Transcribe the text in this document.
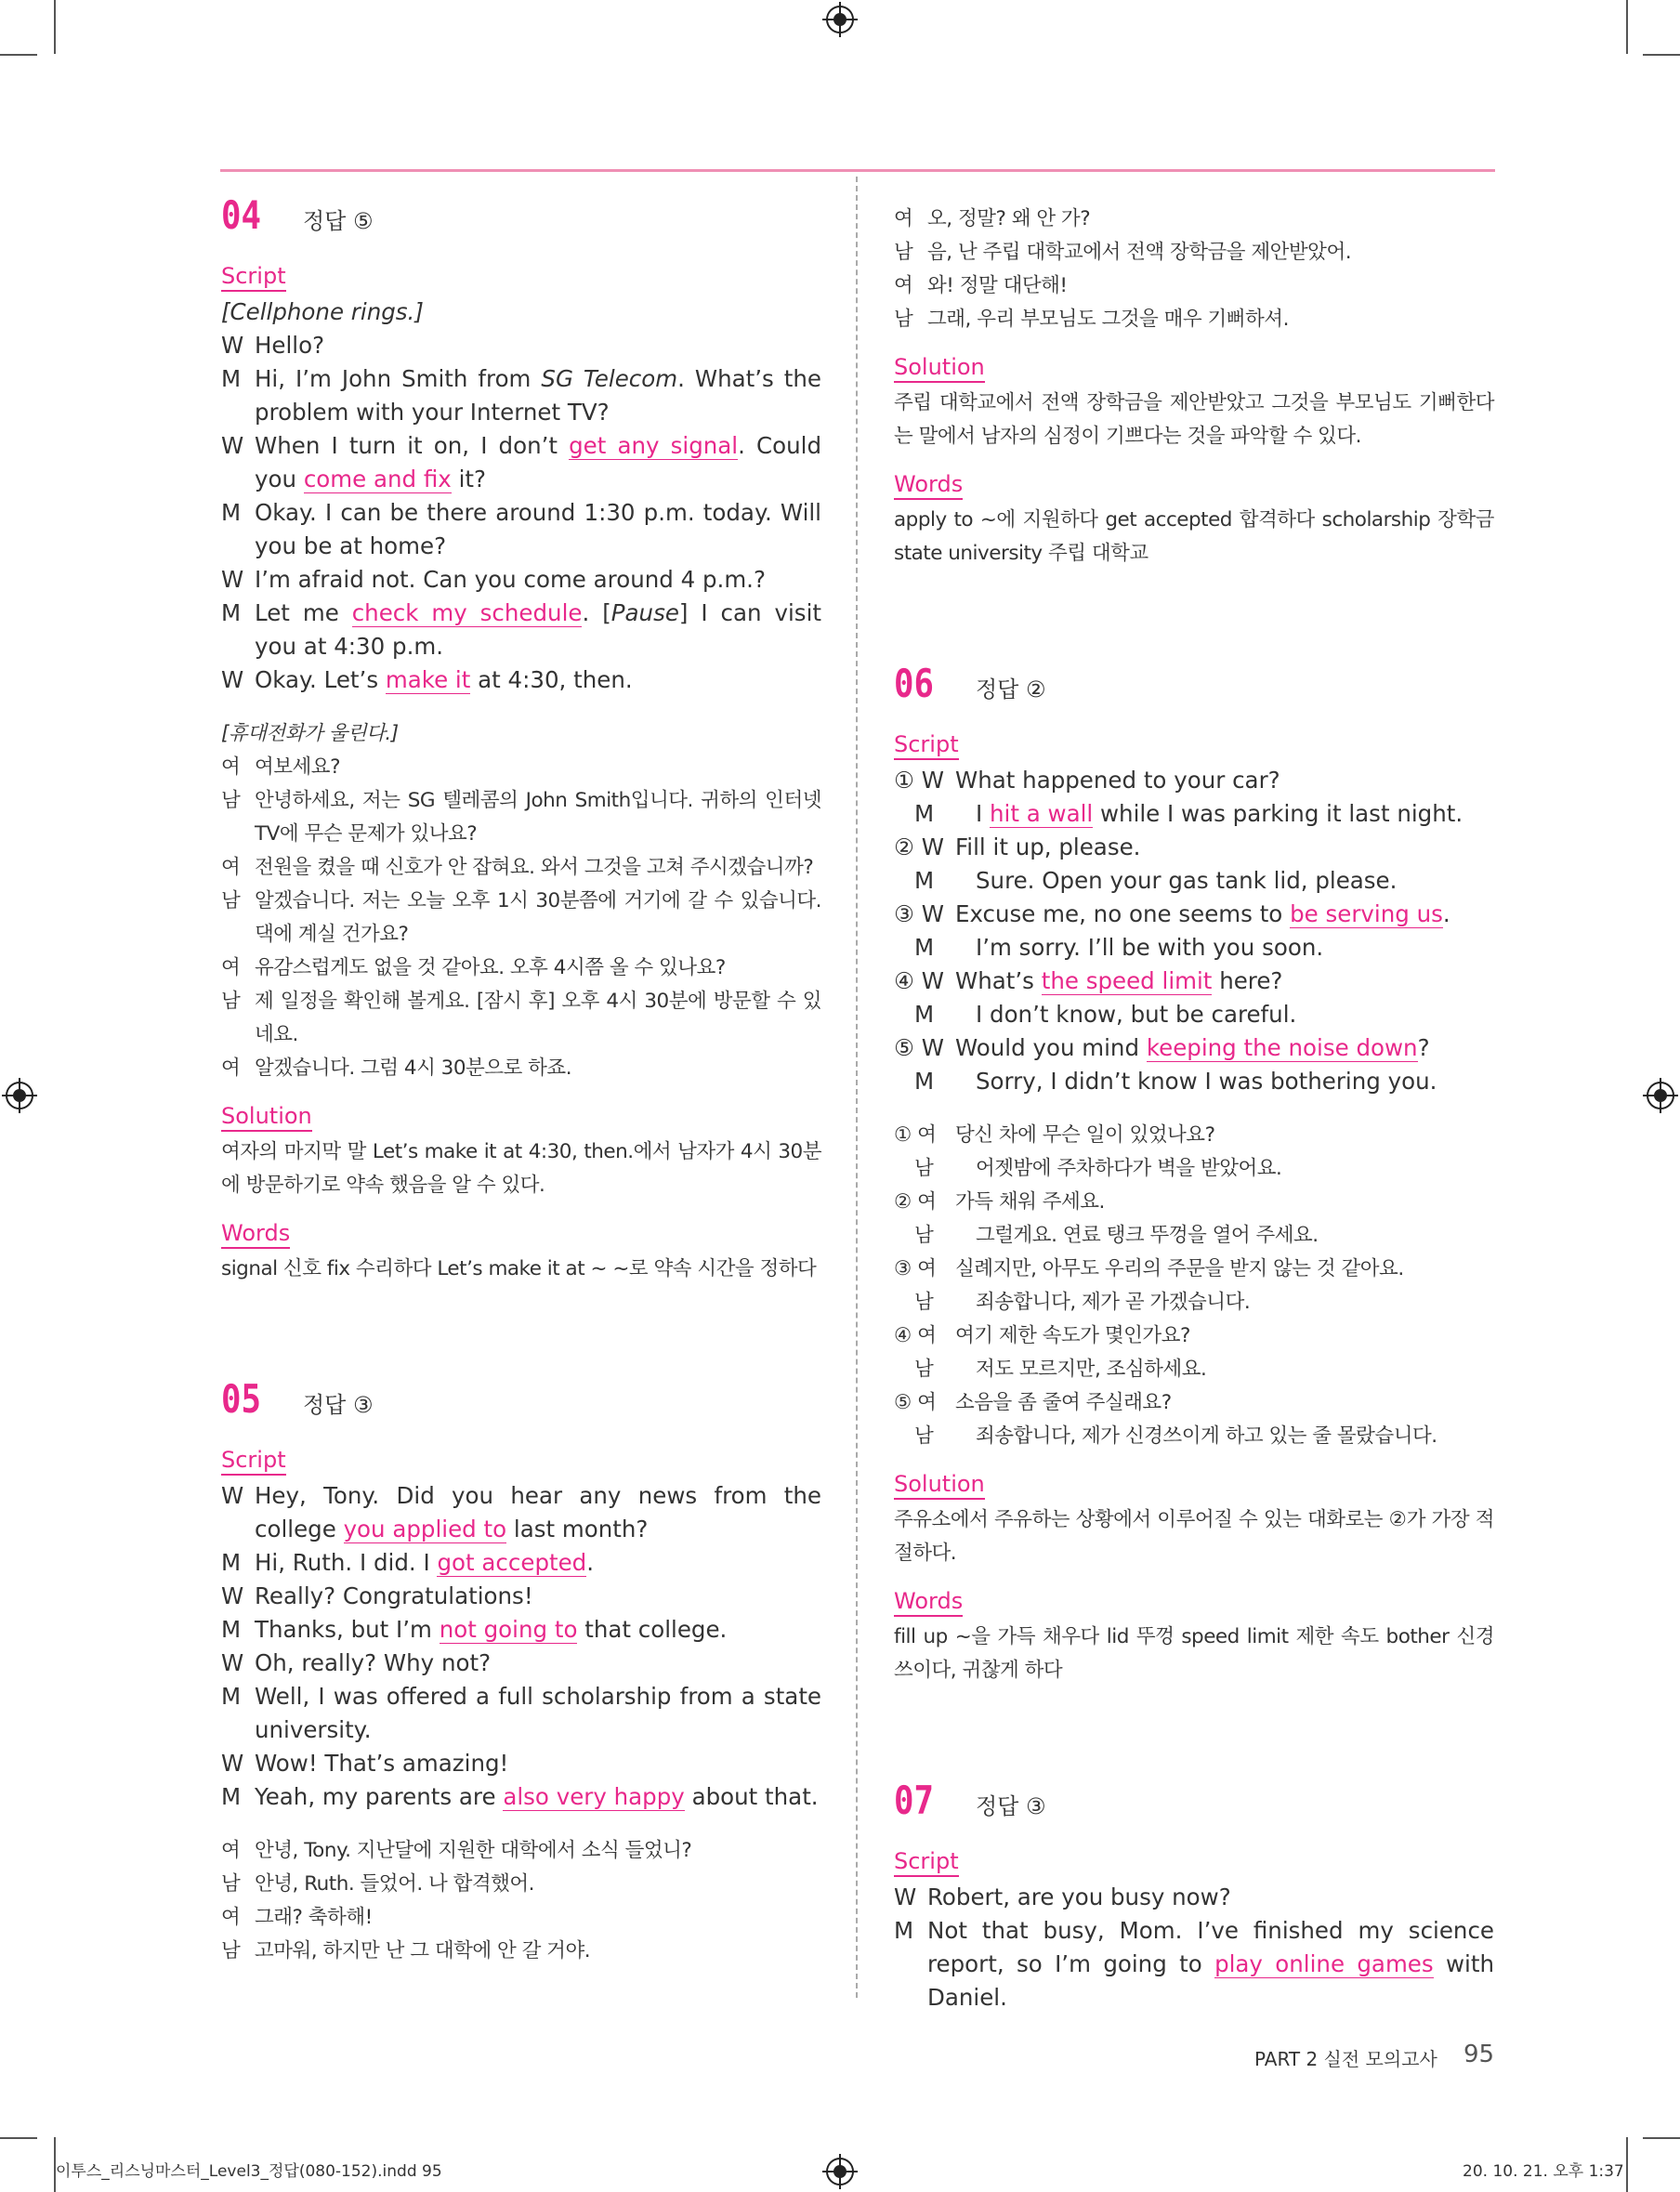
04	정답 ⑤
Script
[Cellphone rings.]
W Hello?
M Hi, I’m John Smith from SG Telecom. What’s the problem with your Internet TV?
W When I turn it on, I don’t get any signal. Could you come and fix it?
M Okay. I can be there around 1:30 p.m. today. Will you be at home?
W I’m afraid not. Can you come around 4 p.m.?
M Let me check my schedule. [Pause] I can visit you at 4:30 p.m.
W Okay. Let’s make it at 4:30, then.
[휴대전화가 울린다.]
여 여보세요?
남 안녕하세요, 저는 SG 텔레콤의 John Smith입니다. 귀하의 인터넷 TV에 무슨 문제가 있나요?
여 전원을 켰을 때 신호가 안 잡혀요. 와서 그것을 고쳐 주시겠습니까?
남 알겠습니다. 저는 오늘 오후 1시 30분쯤에 거기에 갈 수 있습니다. 댁에 계실 건가요?
여 유감스럽게도 없을 것 같아요. 오후 4시쯤 올 수 있나요?
남 제 일정을 확인해 볼게요. [잠시 후] 오후 4시 30분에 방문할 수 있네요.
여 알겠습니다. 그럼 4시 30분으로 하죠.
Solution
여자의 마지막 말 Let’s make it at 4:30, then.에서 남자가 4시 30분에 방문하기로 약속 했음을 알 수 있다.
Words
signal 신호 fix 수리하다 Let’s make it at ~ ~로 약속 시간을 정하다
05	정답 ③
Script
W Hey, Tony. Did you hear any news from the college you applied to last month?
M Hi, Ruth. I did. I got accepted.
W Really? Congratulations!
M Thanks, but I’m not going to that college.
W Oh, really? Why not?
M Well, I was offered a full scholarship from a state university.
W Wow! That’s amazing!
M Yeah, my parents are also very happy about that.
여 안녕, Tony. 지난달에 지원한 대학에서 소식 들었니?
남 안녕, Ruth. 들었어. 나 합격했어.
여 그래? 축하해!
남 고마워, 하지만 난 그 대학에 안 갈 거야.
여 오, 정말? 왜 안 가?
남 음, 난 주립 대학교에서 전액 장학금을 제안받았어.
여 와! 정말 대단해!
남 그래, 우리 부모님도 그것을 매우 기뻐하셔.
Solution
주립 대학교에서 전액 장학금을 제안받았고 그것을 부모님도 기뻐한다는 말에서 남자의 심정이 기쁘다는 것을 파악할 수 있다.
Words
apply to ~에 지원하다 get accepted 합격하다 scholarship 장학금 state university 주립 대학교
06	정답 ②
Script
① W What happened to your car?
M	I hit a wall while I was parking it last night.
② W Fill it up, please.
M	Sure. Open your gas tank lid, please.
③ W Excuse me, no one seems to be serving us.
M	I’m sorry. I’ll be with you soon.
④ W What’s the speed limit here?
M	I don’t know, but be careful.
⑤ W Would you mind keeping the noise down?
M	Sorry, I didn’t know I was bothering you.
① 여 당신 차에 무슨 일이 있었나요?
남	어젯밤에 주차하다가 벽을 받았어요.
② 여 가득 채워 주세요.
남	그럴게요. 연료 탱크 뚜껑을 열어 주세요.
③ 여 실례지만, 아무도 우리의 주문을 받지 않는 것 같아요.
남	죄송합니다, 제가 곧 가겠습니다.
④ 여 여기 제한 속도가 몇인가요?
남	저도 모르지만, 조심하세요.
⑤ 여 소음을 좀 줄여 주실래요?
남	죄송합니다, 제가 신경쓰이게 하고 있는 줄 몰랐습니다.
Solution
주유소에서 주유하는 상황에서 이루어질 수 있는 대화로는 ②가 가장 적절하다.
Words
fill up ~을 가득 채우다 lid 뚜껑 speed limit 제한 속도 bother 신경쓰이다, 귀찮게 하다
07	정답 ③
Script
W Robert, are you busy now?
M Not that busy, Mom. I’ve finished my science report, so I’m going to play online games with Daniel.
PART 2 실전 모의고사 95
이투스_리스닝마스터_Level3_정답(080-152).indd 95	20. 10. 21. 오후 1:37
